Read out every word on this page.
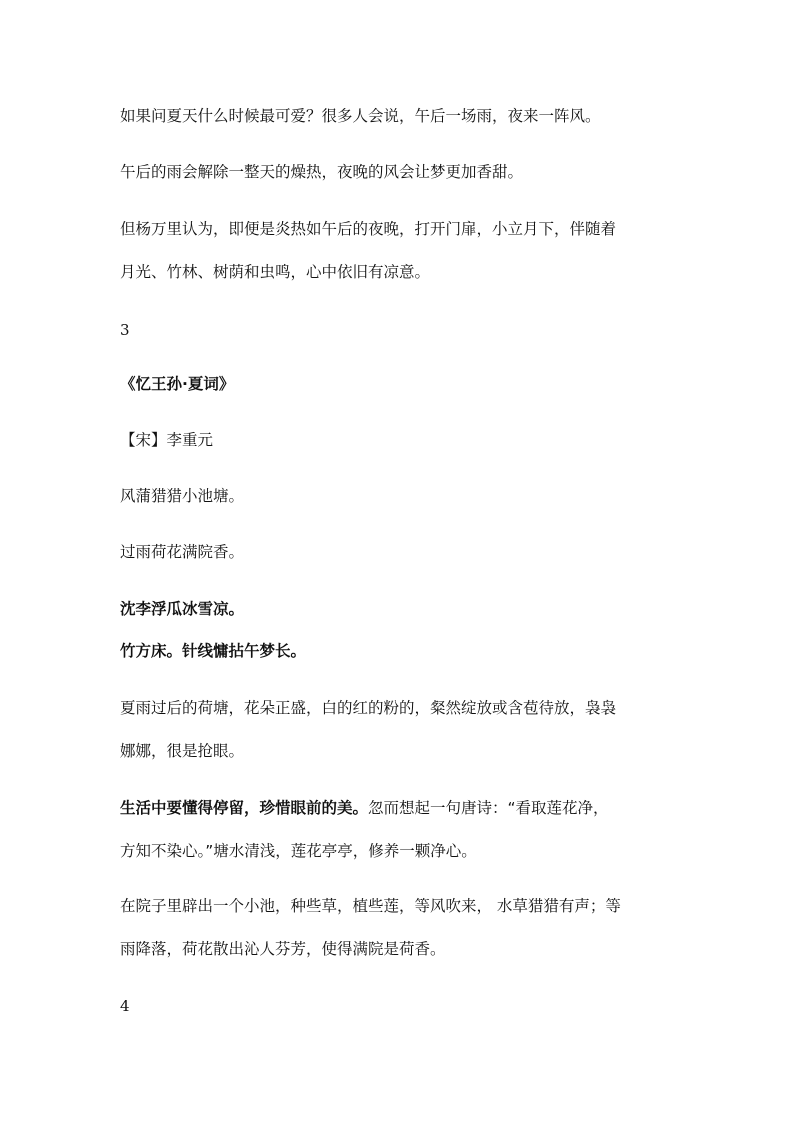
如果问夏天什么时候最可爱？很多人会说，午后一场雨，夜来一阵风。

午后的雨会解除一整天的燥热，夜晚的风会让梦更加香甜。

但杨万里认为，即便是炎热如午后的夜晚，打开门扉，小立月下，伴随着

月光、竹林、树荫和虫鸣，心中依旧有凉意。

3

《忆王孙·夏词》

【宋】李重元

风蒲猎猎小池塘。

过雨荷花满院香。

沈李浮瓜冰雪凉。

竹方床。针线慵拈午梦长。

夏雨过后的荷塘，花朵正盛，白的红的粉的，粲然绽放或含苞待放，袅袅

娜娜，很是抢眼。

生活中要懂得停留，珍惜眼前的美。忽而想起一句唐诗：“看取莲花净，

方知不染心。”塘水清浅，莲花亭亭，修养一颗净心。

在院子里辟出一个小池，种些草，植些莲，等风吹来， 水草猎猎有声；等

雨降落，荷花散出沁人芬芳，使得满院是荷香。

4
